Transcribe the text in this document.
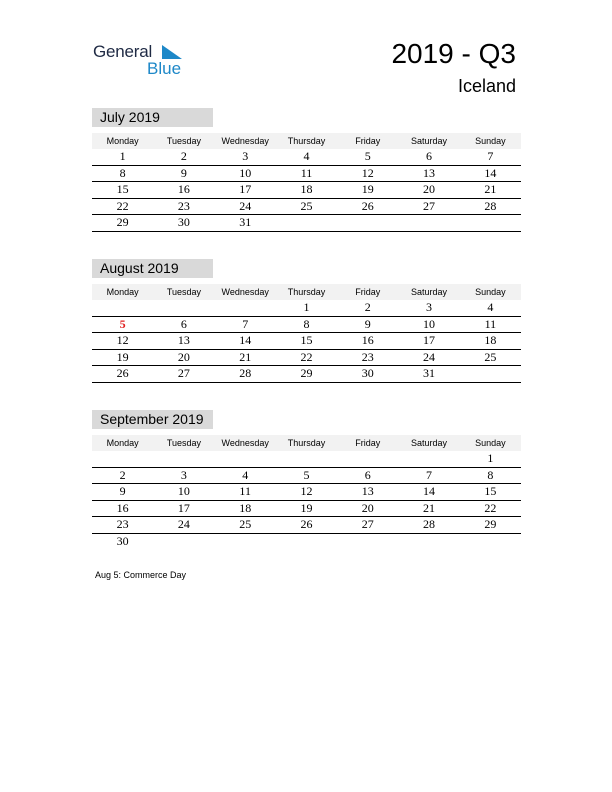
General
Blue	2019 - Q3
Iceland
July 2019
Monday	Tuesday	Wednesday	Thursday	Friday	Saturday	Sunday
1	2	3	4	5	6	7
8	9	10	11	12	13	14
15	16	17	18	19	20	21
22	23	24	25	26	27	28
29	30	31				
August 2019
Monday	Tuesday	Wednesday	Thursday	Friday	Saturday	Sunday
			1	2	3	4
5	6	7	8	9	10	11
12	13	14	15	16	17	18
19	20	21	22	23	24	25
26	27	28	29	30	31	
September 2019
Monday	Tuesday	Wednesday	Thursday	Friday	Saturday	Sunday
						1
2	3	4	5	6	7	8
9	10	11	12	13	14	15
16	17	18	19	20	21	22
23	24	25	26	27	28	29
30						
Aug 5: Commerce Day
